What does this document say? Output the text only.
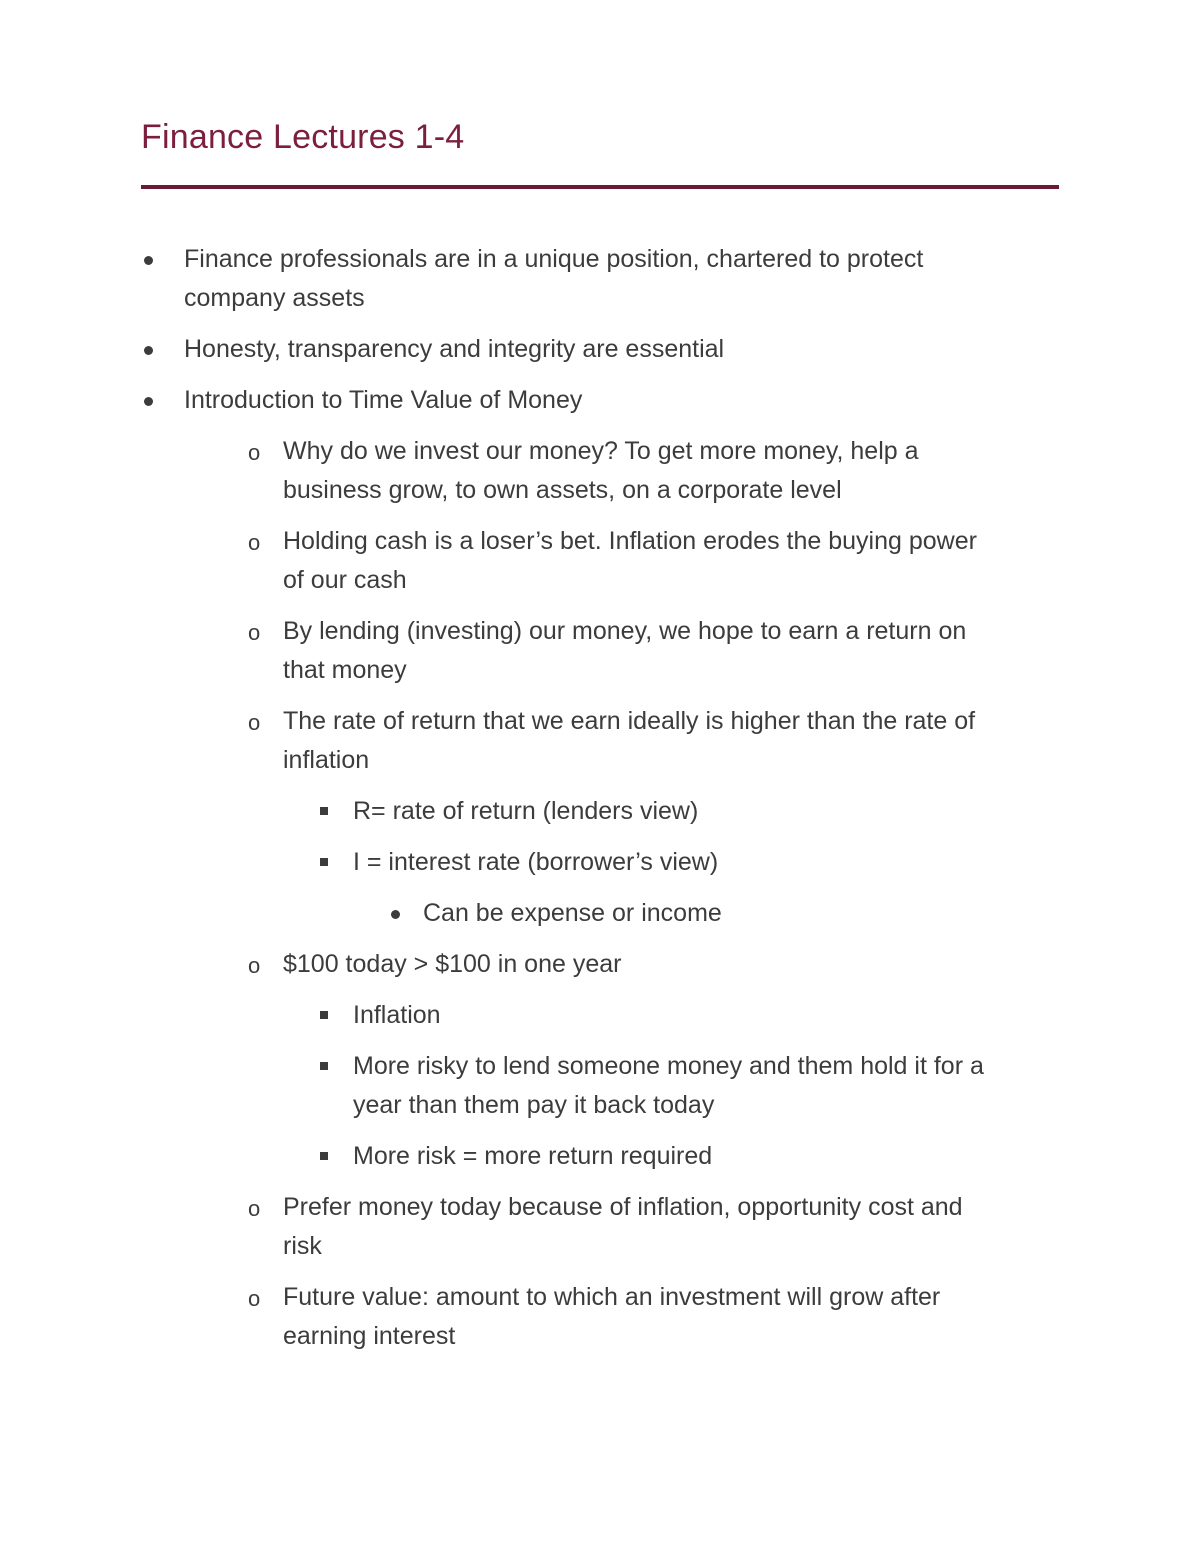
Finance Lectures 1-4
Finance professionals are in a unique position, chartered to protect
company assets
Honesty, transparency and integrity are essential
Introduction to Time Value of Money
o Why do we invest our money? To get more money, help a
business grow, to own assets, on a corporate level
o Holding cash is a loser’s bet. Inflation erodes the buying power
of our cash
o By lending (investing) our money, we hope to earn a return on
that money
o The rate of return that we earn ideally is higher than the rate of
inflation
R= rate of return (lenders view)
I = interest rate (borrower’s view)
Can be expense or income
o $100 today > $100 in one year
Inflation
More risky to lend someone money and them hold it for a
year than them pay it back today
More risk = more return required
o Prefer money today because of inflation, opportunity cost and
risk
o Future value: amount to which an investment will grow after
earning interest
